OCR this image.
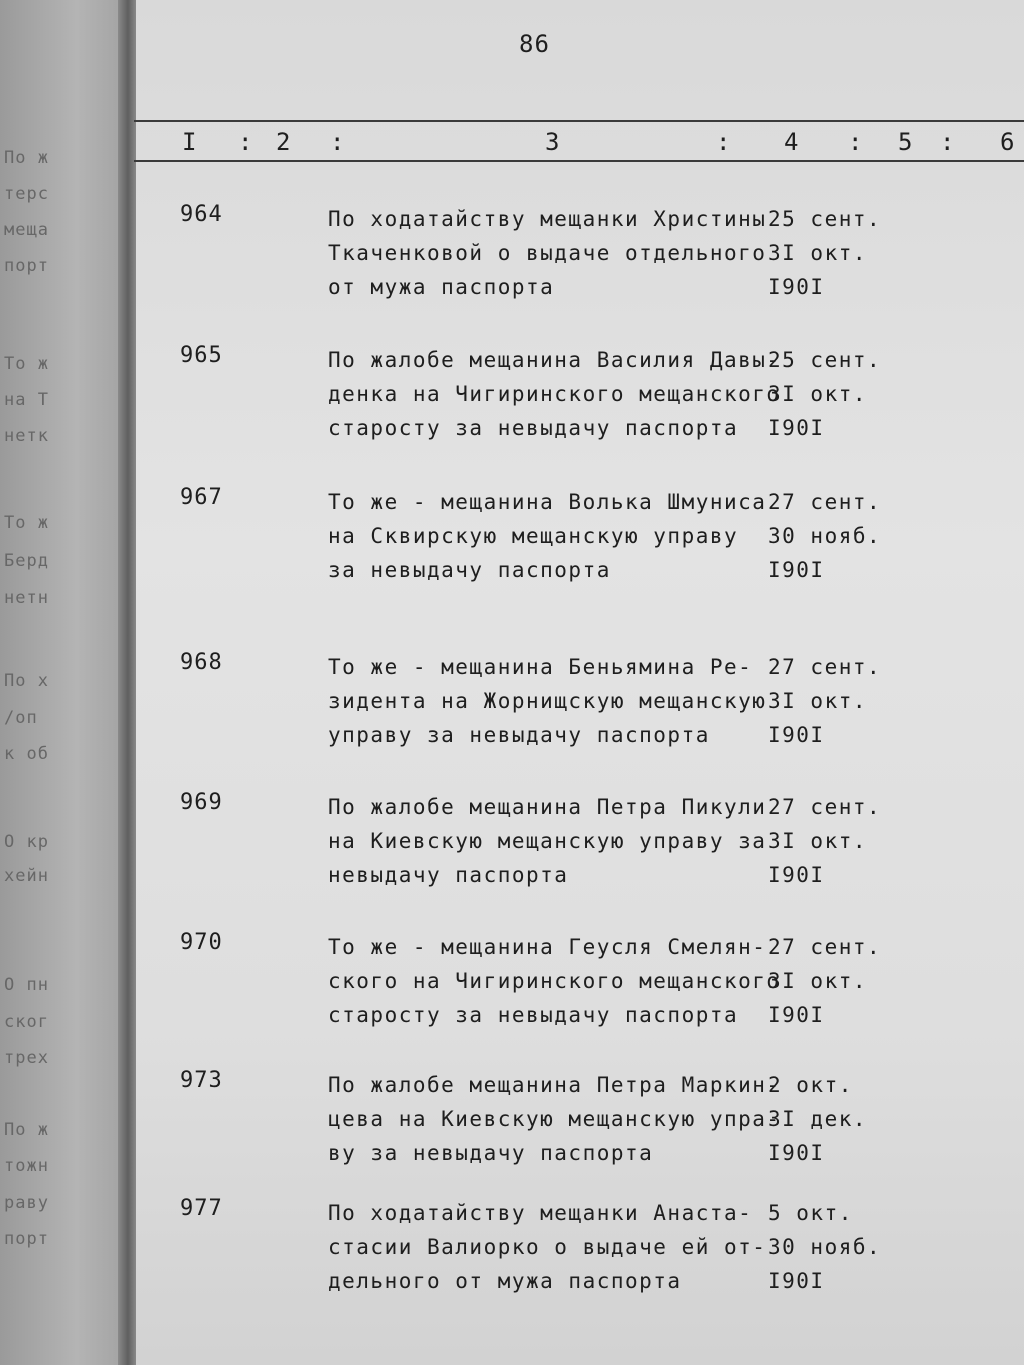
По ж
терс
меща
порт
То ж
на Т
нетк
То ж
Берд
нетн
По х
/оп
к об
О кр
хейн
О пн
ског
трех
По ж
тожн
раву
порт
86
I : 2 :	3	: 4 : 5 : 6
964	По ходатайству мещанки Христины
Ткаченковой о выдаче отдельного
от мужа паспорта
25 сент.
3I окт.
I90I
965	По жалобе мещанина Василия Давы-
денка на Чигиринского мещанского
старосту за невыдачу паспорта
25 сент.
3I окт.
I90I
967	То же - мещанина Волька Шмуниса
на Сквирскую мещанскую управу
за невыдачу паспорта
27 сент.
30 нояб.
I90I
968	То же - мещанина Беньямина Ре-
зидента на Жорнищскую мещанскую
управу за невыдачу паспорта
27 сент.
3I окт.
I90I
969	По жалобе мещанина Петра Пикули
на Киевскую мещанскую управу за
невыдачу паспорта
27 сент.
3I окт.
I90I
970	То же - мещанина Геусля Смелян-
ского на Чигиринского мещанского
старосту за невыдачу паспорта
27 сент.
3I окт.
I90I
973	По жалобе мещанина Петра Маркин-
цева на Киевскую мещанскую упра-
ву за невыдачу паспорта
2 окт.
3I дек.
I90I
977	По ходатайству мещанки Анаста-
стасии Валиорко о выдаче ей от-
дельного от мужа паспорта
5 окт.
30 нояб.
I90I
